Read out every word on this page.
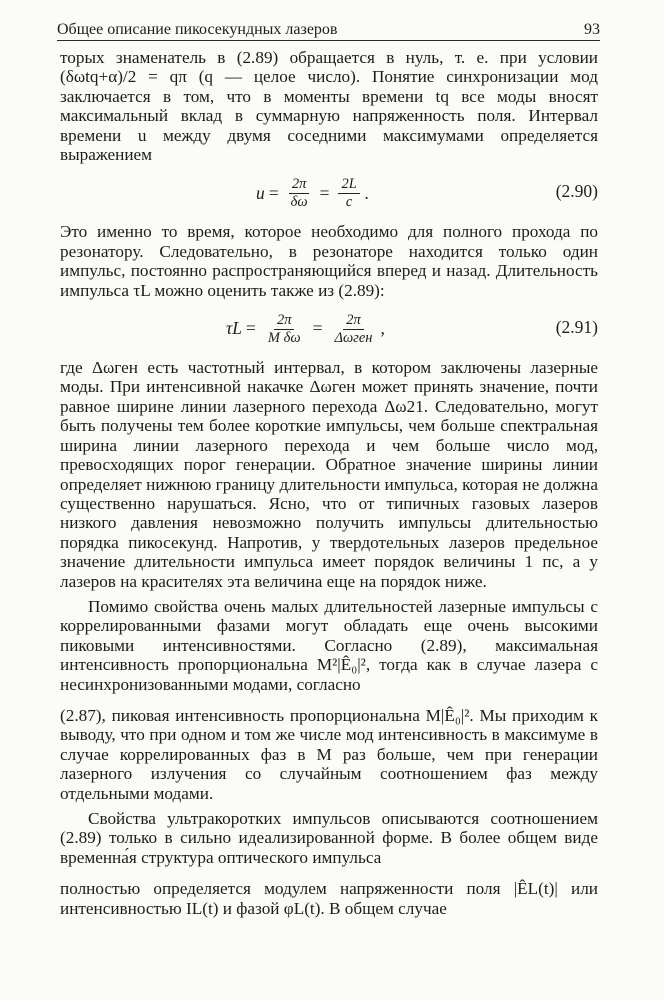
Общее описание пикосекундных лазеров	93

торых знаменатель в (2.89) обращается в нуль, т. е. при условии (δωtq+α)/2 = qπ (q — целое число). Понятие синхронизации мод заключается в том, что в моменты времени tq все моды вносят максимальный вклад в суммарную напряженность поля. Интервал времени u между двумя соседними максимумами определяется выражением

$u = \frac{2\pi}{\delta\omega} = \frac{2L}{c}$ .	(2.90)

Это именно то время, которое необходимо для полного прохода по резонатору. Следовательно, в резонаторе находится только один импульс, постоянно распространяющийся вперед и назад. Длительность импульса τL можно оценить также из (2.89):

$\tau L = \frac{2\pi}{\text{M δω}} = \frac{2\pi}{\text{Δωген}}$ ,	(2.91)

где Δωген есть частотный интервал, в котором заключены лазерные моды. При интенсивной накачке Δωген может принять значение, почти равное ширине линии лазерного перехода Δω21. Следовательно, могут быть получены тем более короткие импульсы, чем больше спектральная ширина линии лазерного перехода и чем больше число мод, превосходящих порог генерации. Обратное значение ширины линии определяет нижнюю границу длительности импульса, которая не должна существенно нарушаться. Ясно, что от типичных газовых лазеров низкого давления невозможно получить импульсы длительностью порядка пикосекунд. Напротив, у твердотельных лазеров предельное значение длительности импульса имеет порядок величины 1 пс, а у лазеров на красителях эта величина еще на порядок ниже.

Помимо свойства очень малых длительностей лазерные импульсы с коррелированными фазами могут обладать еще очень высокими пиковыми интенсивностями. Согласно (2.89), максимальная интенсивность пропорциональна M²|Ê₀|², тогда как в случае лазера с несинхронизованными модами, согласно

(2.87), пиковая интенсивность пропорциональна M|Ê₀|². Мы приходим к выводу, что при одном и том же числе мод интенсивность в максимуме в случае коррелированных фаз в M раз больше, чем при генерации лазерного излучения со случайным соотношением фаз между отдельными модами.

Свойства ультракоротких импульсов описываются соотношением (2.89) только в сильно идеализированной форме. В более общем виде временна́я структура оптического импульса

полностью определяется модулем напряженности поля |ÊL(t)| или интенсивностью IL(t) и фазой φL(t). В общем случае
